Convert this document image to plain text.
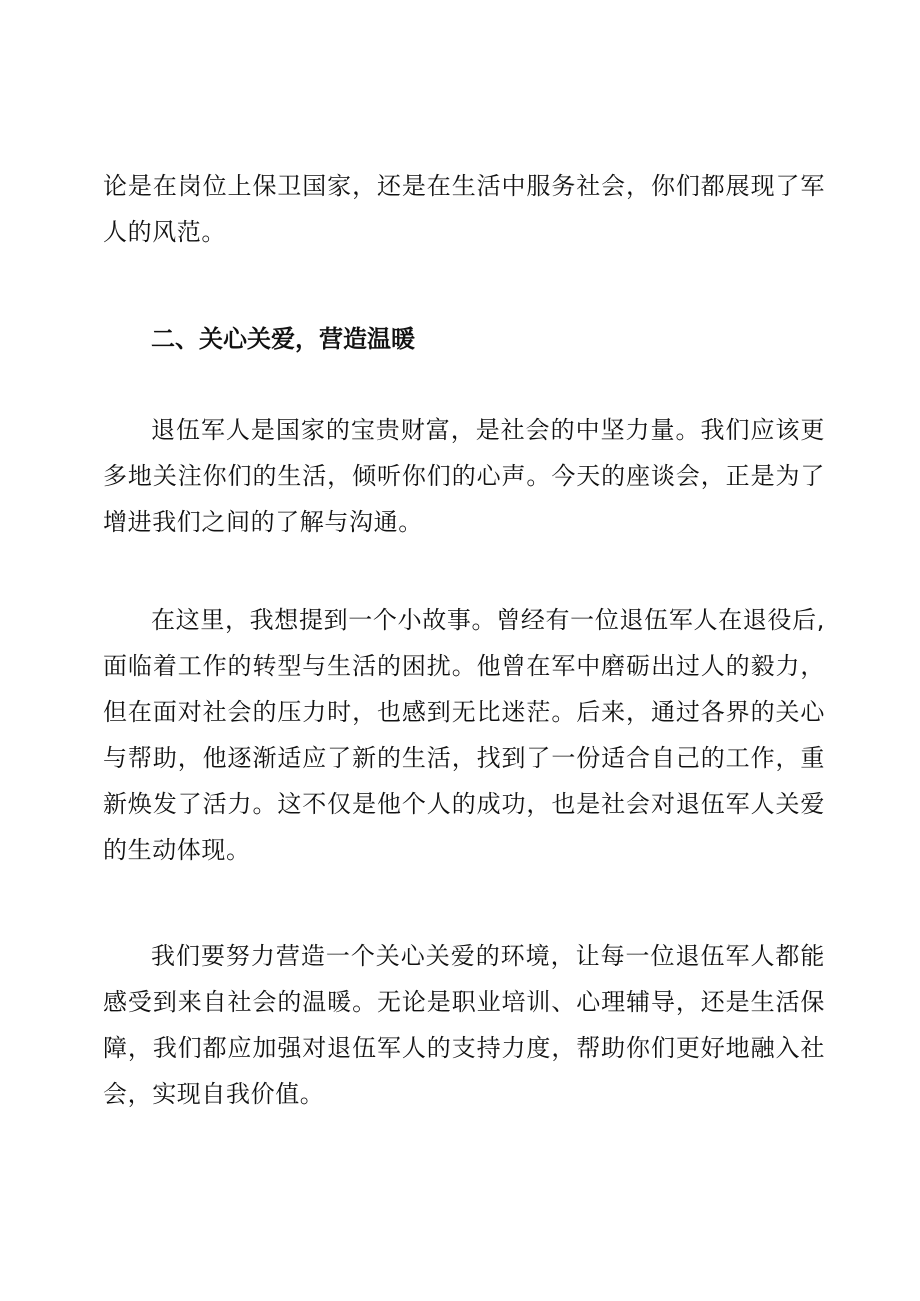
论是在岗位上保卫国家，还是在生活中服务社会，你们都展现了军人的风范。

二、关心关爱，营造温暖

退伍军人是国家的宝贵财富，是社会的中坚力量。我们应该更多地关注你们的生活，倾听你们的心声。今天的座谈会，正是为了增进我们之间的了解与沟通。

在这里，我想提到一个小故事。曾经有一位退伍军人在退役后,面临着工作的转型与生活的困扰。他曾在军中磨砺出过人的毅力，但在面对社会的压力时，也感到无比迷茫。后来，通过各界的关心与帮助，他逐渐适应了新的生活，找到了一份适合自己的工作，重新焕发了活力。这不仅是他个人的成功，也是社会对退伍军人关爱的生动体现。

我们要努力营造一个关心关爱的环境，让每一位退伍军人都能感受到来自社会的温暖。无论是职业培训、心理辅导，还是生活保障，我们都应加强对退伍军人的支持力度，帮助你们更好地融入社会，实现自我价值。
